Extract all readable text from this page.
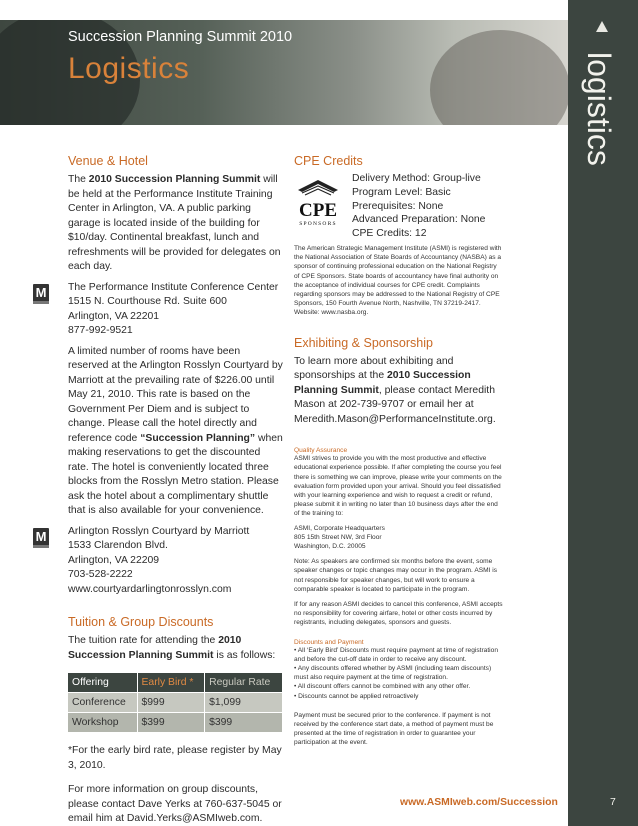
Succession Planning Summit 2010
Logistics	logistics
Venue & Hotel

The 2010 Succession Planning Summit will be held at the Performance Institute Training Center in Arlington, VA. A public parking garage is located inside of the building for $10/day. Continental breakfast, lunch and refreshments will be provided for delegates on each day.

M The Performance Institute Conference Center
1515 N. Courthouse Rd. Suite 600
Arlington, VA 22201
877-992-9521

A limited number of rooms have been reserved at the Arlington Rosslyn Courtyard by Marriott at the prevailing rate of $226.00 until May 21, 2010. This rate is based on the Government Per Diem and is subject to change. Please call the hotel directly and reference code “Succession Planning” when making reservations to get the discounted rate. The hotel is conveniently located three blocks from the Rosslyn Metro station. Please ask the hotel about a complimentary shuttle that is also available for your convenience.

M Arlington Rosslyn Courtyard by Marriott
1533 Clarendon Blvd.
Arlington, VA 22209
703-528-2222
www.courtyardarlingtonrosslyn.com
Tuition & Group Discounts

The tuition rate for attending the 2010 Succession Planning Summit is as follows:

Offering	Early Bird *	Regular Rate
Conference	$999	$1,099
Workshop	$399	$399

*For the early bird rate, please register by May 3, 2010.

For more information on group discounts, please contact Dave Yerks at 760-637-5045 or email him at David.Yerks@ASMIweb.com.

CPE Credits
CPE
SPONSORS
Delivery Method: Group-live
Program Level: Basic
Prerequisites: None
Advanced Preparation: None
CPE Credits: 12

The American Strategic Management Institute (ASMI) is registered with the National Association of State Boards of Accountancy (NASBA) as a sponsor of continuing professional education on the National Registry of CPE Sponsors. State boards of accountancy have final authority on the acceptance of individual courses for CPE credit. Complaints regarding sponsors may be addressed to the National Registry of CPE Sponsors, 150 Fourth Avenue North, Nashville, TN 37219-2417. Website: www.nasba.org.

Exhibiting & Sponsorship

To learn more about exhibiting and sponsorships at the 2010 Succession Planning Summit, please contact Meredith Mason at 202-739-9707 or email her at Meredith.Mason@PerformanceInstitute.org.

Quality Assurance

ASMI strives to provide you with the most productive and effective educational experience possible. If after completing the course you feel there is something we can improve, please write your comments on the evaluation form provided upon your arrival. Should you feel dissatisfied with your learning experience and wish to request a credit or refund, please submit it in writing no later than 10 business days after the end of the training to:

ASMI, Corporate Headquarters
805 15th Street NW, 3rd Floor
Washington, D.C. 20005

Note: As speakers are confirmed six months before the event, some speaker changes or topic changes may occur in the program. ASMI is not responsible for speaker changes, but will work to ensure a comparable speaker is located to participate in the program.

If for any reason ASMI decides to cancel this conference, ASMI accepts no responsibility for covering airfare, hotel or other costs incurred by registrants, including delegates, sponsors and guests.

Discounts and Payment
• All ‘Early Bird’ Discounts must require payment at time of registration and before the cut-off date in order to receive any discount.
• Any discounts offered whether by ASMI (including team discounts) must also require payment at the time of registration.
• All discount offers cannot be combined with any other offer.
• Discounts cannot be applied retroactively

Payment must be secured prior to the conference. If payment is not received by the conference start date, a method of payment must be presented at the time of registration in order to guarantee your participation at the event.

www.ASMIweb.com/Succession	7
